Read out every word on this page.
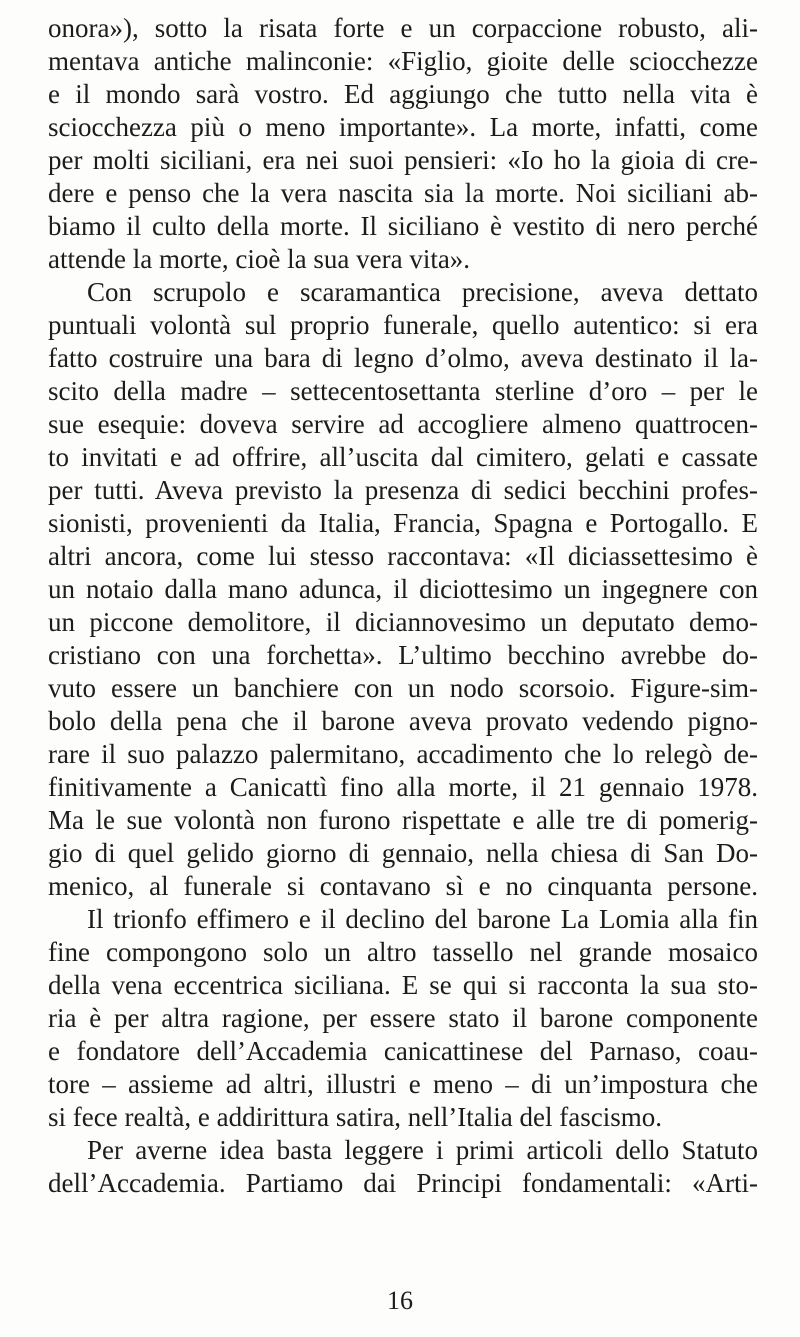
onora»), sotto la risata forte e un corpaccione robusto, ali-
mentava antiche malinconie: «Figlio, gioite delle sciocchezze
e il mondo sarà vostro. Ed aggiungo che tutto nella vita è
sciocchezza più o meno importante». La morte, infatti, come
per molti siciliani, era nei suoi pensieri: «Io ho la gioia di cre-
dere e penso che la vera nascita sia la morte. Noi siciliani ab-
biamo il culto della morte. Il siciliano è vestito di nero perché
attende la morte, cioè la sua vera vita».
Con scrupolo e scaramantica precisione, aveva dettato
puntuali volontà sul proprio funerale, quello autentico: si era
fatto costruire una bara di legno d’olmo, aveva destinato il la-
scito della madre – settecentosettanta sterline d’oro – per le
sue esequie: doveva servire ad accogliere almeno quattrocen-
to invitati e ad offrire, all’uscita dal cimitero, gelati e cassate
per tutti. Aveva previsto la presenza di sedici becchini profes-
sionisti, provenienti da Italia, Francia, Spagna e Portogallo. E
altri ancora, come lui stesso raccontava: «Il diciassettesimo è
un notaio dalla mano adunca, il diciottesimo un ingegnere con
un piccone demolitore, il diciannovesimo un deputato demo-
cristiano con una forchetta». L’ultimo becchino avrebbe do-
vuto essere un banchiere con un nodo scorsoio. Figure-sim-
bolo della pena che il barone aveva provato vedendo pigno-
rare il suo palazzo palermitano, accadimento che lo relegò de-
finitivamente a Canicattì fino alla morte, il 21 gennaio 1978.
Ma le sue volontà non furono rispettate e alle tre di pomerig-
gio di quel gelido giorno di gennaio, nella chiesa di San Do-
menico, al funerale si contavano sì e no cinquanta persone.
Il trionfo effimero e il declino del barone La Lomia alla fin
fine compongono solo un altro tassello nel grande mosaico
della vena eccentrica siciliana. E se qui si racconta la sua sto-
ria è per altra ragione, per essere stato il barone componente
e fondatore dell’Accademia canicattinese del Parnaso, coau-
tore – assieme ad altri, illustri e meno – di un’impostura che
si fece realtà, e addirittura satira, nell’Italia del fascismo.
Per averne idea basta leggere i primi articoli dello Statuto
dell’Accademia. Partiamo dai Principi fondamentali: «Arti-
16
